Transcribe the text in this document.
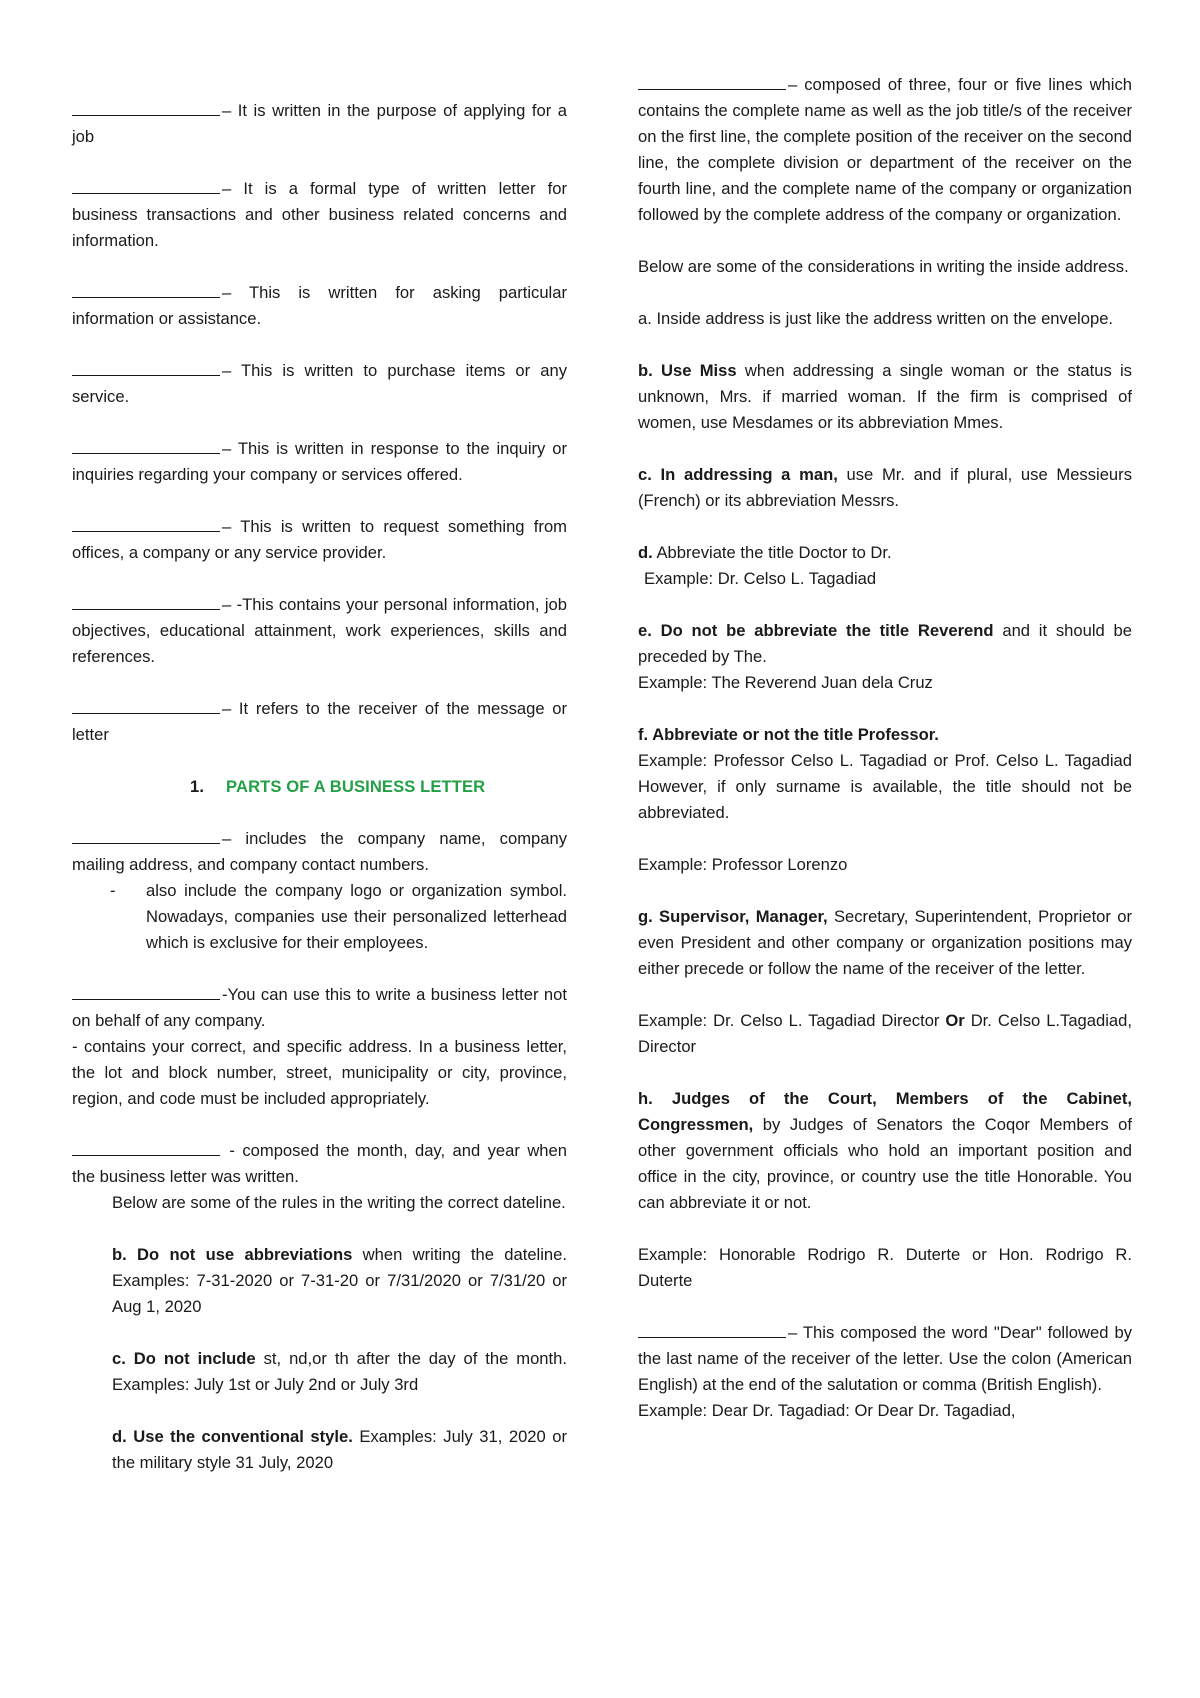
– It is written in the purpose of applying for a job

– It is a formal type of written letter for business transactions and other business related concerns and information.

– This is written for asking particular information or assistance.

– This is written to purchase items or any service.

– This is written in response to the inquiry or inquiries regarding your company or services offered.

– This is written to request something from offices, a company or any service provider.

– -This contains your personal information, job objectives, educational attainment, work experiences, skills and references.

– It refers to the receiver of the message or letter

1. PARTS OF A BUSINESS LETTER

– includes the company name, company mailing address, and company contact numbers.

- also include the company logo or organization symbol. Nowadays, companies use their personalized letterhead which is exclusive for their employees.

-You can use this to write a business letter not on behalf of any company.

- contains your correct, and specific address. In a business letter, the lot and block number, street, municipality or city, province, region, and code must be included appropriately.

- composed the month, day, and year when the business letter was written.

Below are some of the rules in the writing the correct dateline.

b. Do not use abbreviations when writing the dateline. Examples: 7-31-2020 or 7-31-20 or 7/31/2020 or 7/31/20 or Aug 1, 2020

c. Do not include st, nd,or th after the day of the month. Examples: July 1st or July 2nd or July 3rd

d. Use the conventional style. Examples: July 31, 2020 or the military style 31 July, 2020

– composed of three, four or five lines which contains the complete name as well as the job title/s of the receiver on the first line, the complete position of the receiver on the second line, the complete division or department of the receiver on the fourth line, and the complete name of the company or organization followed by the complete address of the company or organization.

Below are some of the considerations in writing the inside address.

a. Inside address is just like the address written on the envelope.

b. Use Miss when addressing a single woman or the status is unknown, Mrs. if married woman. If the firm is comprised of women, use Mesdames or its abbreviation Mmes.

c. In addressing a man, use Mr. and if plural, use Messieurs (French) or its abbreviation Messrs.

d. Abbreviate the title Doctor to Dr.

Example: Dr. Celso L. Tagadiad

e. Do not be abbreviate the title Reverend and it should be preceded by The.

Example: The Reverend Juan dela Cruz

f. Abbreviate or not the title Professor.

Example: Professor Celso L. Tagadiad or Prof. Celso L. Tagadiad However, if only surname is available, the title should not be abbreviated.

Example: Professor Lorenzo

g. Supervisor, Manager, Secretary, Superintendent, Proprietor or even President and other company or organization positions may either precede or follow the name of the receiver of the letter.

Example: Dr. Celso L. Tagadiad Director Or Dr. Celso L.Tagadiad, Director

h. Judges of the Court, Members of the Cabinet, Congressmen, by Judges of Senators the Coqor Members of other government officials who hold an important position and office in the city, province, or country use the title Honorable. You can abbreviate it or not.

Example: Honorable Rodrigo R. Duterte or Hon. Rodrigo R. Duterte

– This composed the word "Dear" followed by the last name of the receiver of the letter. Use the colon (American English) at the end of the salutation or comma (British English).

Example: Dear Dr. Tagadiad: Or Dear Dr. Tagadiad,
